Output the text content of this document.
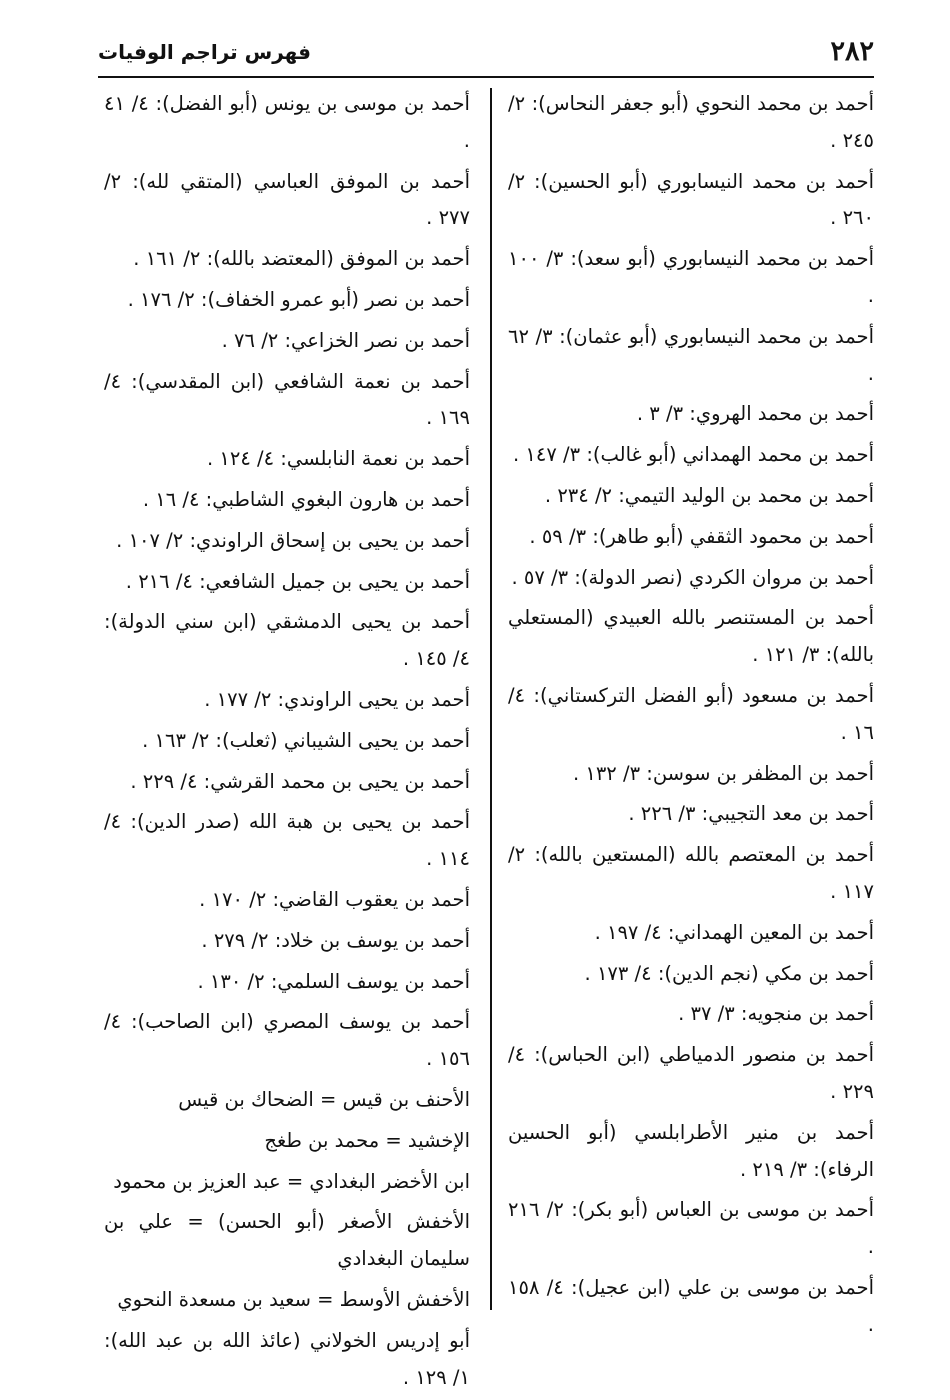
٢٨٢
فهرس تراجم الوفيات
أحمد بن محمد النحوي (أبو جعفر النحاس): ٢/ ٢٤٥ .
أحمد بن محمد النيسابوري (أبو الحسين): ٢/ ٢٦٠ .
أحمد بن محمد النيسابوري (أبو سعد): ٣/ ١٠٠ .
أحمد بن محمد النيسابوري (أبو عثمان): ٣/ ٦٢ .
أحمد بن محمد الهروي: ٣/ ٣ .
أحمد بن محمد الهمداني (أبو غالب): ٣/ ١٤٧ .
أحمد بن محمد بن الوليد التيمي: ٢/ ٢٣٤ .
أحمد بن محمود الثقفي (أبو طاهر): ٣/ ٥٩ .
أحمد بن مروان الكردي (نصر الدولة): ٣/ ٥٧ .
أحمد بن المستنصر بالله العبيدي (المستعلي بالله): ٣/ ١٢١ .
أحمد بن مسعود (أبو الفضل التركستاني): ٤/ ١٦ .
أحمد بن المظفر بن سوسن: ٣/ ١٣٢ .
أحمد بن معد التجيبي: ٣/ ٢٢٦ .
أحمد بن المعتصم بالله (المستعين بالله): ٢/ ١١٧ .
أحمد بن المعين الهمداني: ٤/ ١٩٧ .
أحمد بن مكي (نجم الدين): ٤/ ١٧٣ .
أحمد بن منجويه: ٣/ ٣٧ .
أحمد بن منصور الدمياطي (ابن الحباس): ٤/ ٢٢٩ .
أحمد بن منير الأطرابلسي (أبو الحسين الرفاء): ٣/ ٢١٩ .
أحمد بن موسى بن العباس (أبو بكر): ٢/ ٢١٦ .
أحمد بن موسى بن علي (ابن عجيل): ٤/ ١٥٨ .
أحمد بن موسى بن يونس (أبو الفضل): ٤/ ٤١ .
أحمد بن الموفق العباسي (المتقي لله): ٢/ ٢٧٧ .
أحمد بن الموفق (المعتضد بالله): ٢/ ١٦١ .
أحمد بن نصر (أبو عمرو الخفاف): ٢/ ١٧٦ .
أحمد بن نصر الخزاعي: ٢/ ٧٦ .
أحمد بن نعمة الشافعي (ابن المقدسي): ٤/ ١٦٩ .
أحمد بن نعمة النابلسي: ٤/ ١٢٤ .
أحمد بن هارون البغوي الشاطبي: ٤/ ١٦ .
أحمد بن يحيى بن إسحاق الراوندي: ٢/ ١٠٧ .
أحمد بن يحيى بن جميل الشافعي: ٤/ ٢١٦ .
أحمد بن يحيى الدمشقي (ابن سني الدولة): ٤/ ١٤٥ .
أحمد بن يحيى الراوندي: ٢/ ١٧٧ .
أحمد بن يحيى الشيباني (ثعلب): ٢/ ١٦٣ .
أحمد بن يحيى بن محمد القرشي: ٤/ ٢٢٩ .
أحمد بن يحيى بن هبة الله (صدر الدين): ٤/ ١١٤ .
أحمد بن يعقوب القاضي: ٢/ ١٧٠ .
أحمد بن يوسف بن خلاد: ٢/ ٢٧٩ .
أحمد بن يوسف السلمي: ٢/ ١٣٠ .
أحمد بن يوسف المصري (ابن الصاحب): ٤/ ١٥٦ .
الأحنف بن قيس = الضحاك بن قيس
الإخشيد = محمد بن طغج
ابن الأخضر البغدادي = عبد العزيز بن محمود
الأخفش الأصغر (أبو الحسن) = علي بن سليمان البغدادي
الأخفش الأوسط = سعيد بن مسعدة النحوي
أبو إدريس الخولاني (عائذ الله بن عبد الله): ١/ ١٢٩ .
